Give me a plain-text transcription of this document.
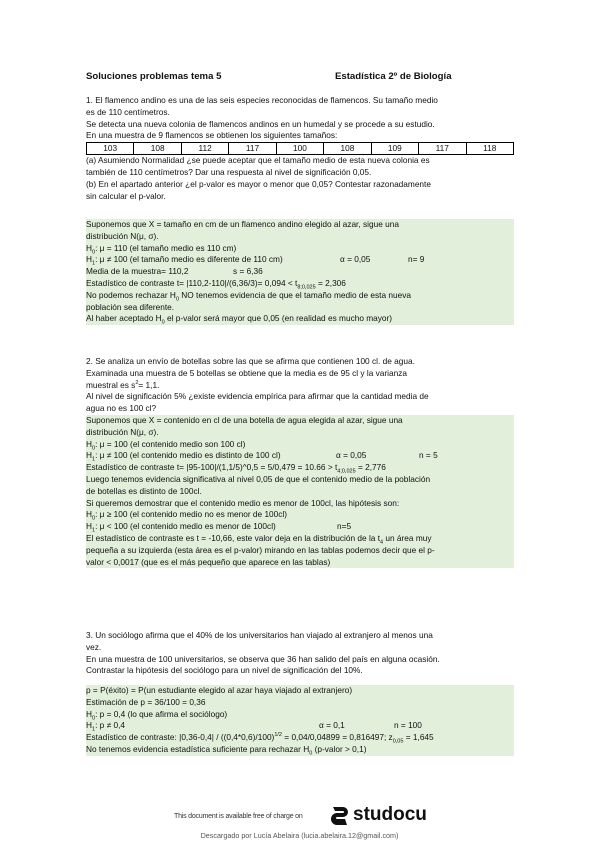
Soluciones problemas tema 5	Estadística 2º de Biología

1. El flamenco andino es una de las seis especies reconocidas de flamencos. Su tamaño medio

es de 110 centímetros.

Se detecta una nueva colonia de flamencos andinos en un humedal y se procede a su estudio.

En una muestra de 9 flamencos se obtienen los siguientes tamaños:

103	108	112	117	100	108	109	117	118

(a) Asumiendo Normalidad ¿se puede aceptar que el tamaño medio de esta nueva colonia es

también de 110 centímetros? Dar una respuesta al nivel de significación 0,05.

(b) En el apartado anterior ¿el p-valor es mayor o menor que 0,05? Contestar razonadamente

sin calcular el p-valor.

Suponemos que X = tamaño en cm de un flamenco andino elegido al azar, sigue una

distribución N(μ, σ).

$H_0$: μ = 110 (el tamaño medio es 110 cm)

$H_1$: μ ≠ 100 (el tamaño medio es diferente de 110 cm)	α = 0,05	n= 9

Media de la muestra= 110,2	s = 6,36

Estadístico de contraste $t= |110,2-110|/(6,36/3)= 0,094 < t_{8;0,025} = 2,306$

No podemos rechazar $H_0$ NO tenemos evidencia de que el tamaño medio de esta nueva

población sea diferente.

Al haber aceptado $H_0$ el p-valor será mayor que 0,05 (en realidad es mucho mayor)

2. Se analiza un envío de botellas sobre las que se afirma que contienen 100 cl. de agua.

Examinada una muestra de 5 botellas se obtiene que la media es de 95 cl y la varianza

muestral es $s^2= 1,1$.

Al nivel de significación 5% ¿existe evidencia empírica para afirmar que la cantidad media de

agua no es 100 cl?

Suponemos que X = contenido en cl de una botella de agua elegida al azar, sigue una

distribución N(μ, σ).

$H_0$: μ = 100 (el contenido medio son 100 cl)

$H_1$: μ ≠ 100 (el contenido medio es distinto de 100 cl)	α = 0,05	n = 5

Estadístico de contraste t= |95-100|/(1,1/5)^0,5 = $5/0,479 = 10.66 > t_{4;0,025} = 2,776$

Luego tenemos evidencia significativa al nivel 0,05 de que el contenido medio de la población

de botellas es distinto de 100cl.

Si queremos demostrar que el contenido medio es menor de 100cl, las hipótesis son:

$H_0$: μ ≥ 100 (el contenido medio no es menor de 100cl)

$H_1$: μ < 100 (el contenido medio es menor de 100cl)	n=5

El estadístico de contraste es t = -10,66, este valor deja en la distribución de la $t_4$ un área muy

pequeña a su izquierda (esta área es el p-valor) mirando en las tablas podemos decir que el p-

valor < 0,0017 (que es el más pequeño que aparece en las tablas)

3. Un sociólogo afirma que el 40% de los universitarios han viajado al extranjero al menos una

vez.

En una muestra de 100 universitarios, se observa que 36 han salido del país en alguna ocasión.

Contrastar la hipótesis del sociólogo para un nivel de significación del 10%.

p = P(éxito) = P(un estudiante elegido al azar haya viajado al extranjero)

Estimación de p = 36/100 = 0,36

$H_0$: p = 0,4 (lo que afirma el sociólogo)

$H_1$: p ≠ 0,4	α = 0,1	n = 100

Estadístico de contraste: $|0,36-0,4| / ((0,4*0,6)/100)^{1/2} = 0,04/0,04899 = 0,816497$; $z_{0,05} = 1,645$

No tenemos evidencia estadística suficiente para rechazar $H_0$ (p-valor > 0,1)

This document is available free of charge on	studocu
Descargado por Lucía Abelaira (lucia.abelaira.12@gmail.com)
